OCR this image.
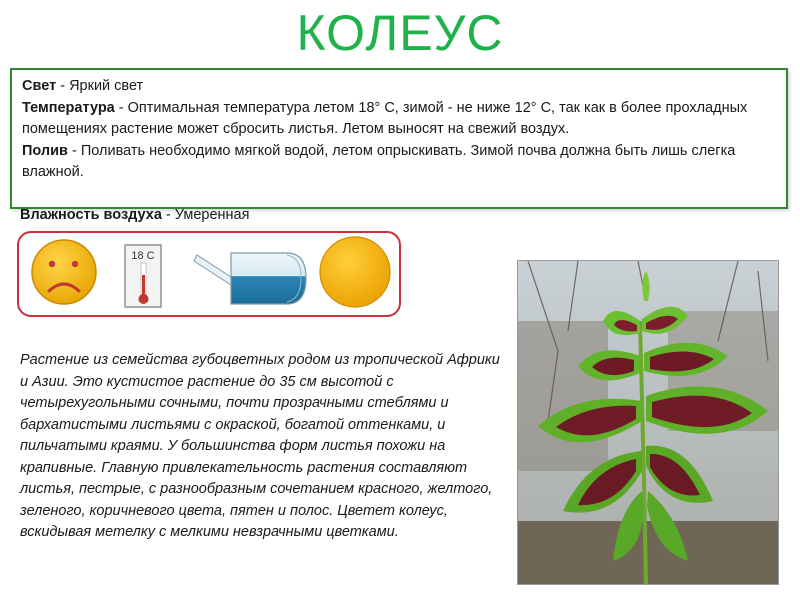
КОЛЕУС
Свет - Яркий свет
Температура - Оптимальная температура летом 18° С, зимой - не ниже 12° С, так как в более прохладных помещениях растение может сбросить листья. Летом выносят на свежий воздух.
Полив - Поливать необходимо мягкой водой, летом опрыскивать. Зимой почва должна быть лишь слегка влажной.
Влажность воздуха - Умеренная
18 С
Растение из семейства губоцветных родом из тропической Африки и Азии. Это кустистое растение до 35 см высотой с четырехугольными сочными, почти прозрачными стеблями и бархатистыми листьями с окраской, богатой оттенками, и пильчатыми краями. У большинства форм листья похожи на крапивные. Главную привлекательность растения составляют листья, пестрые, с разнообразным сочетанием красного, желтого, зеленого, коричневого цвета, пятен и полос. Цветет колеус, вскидывая метелку с мелкими невзрачными цветками.
